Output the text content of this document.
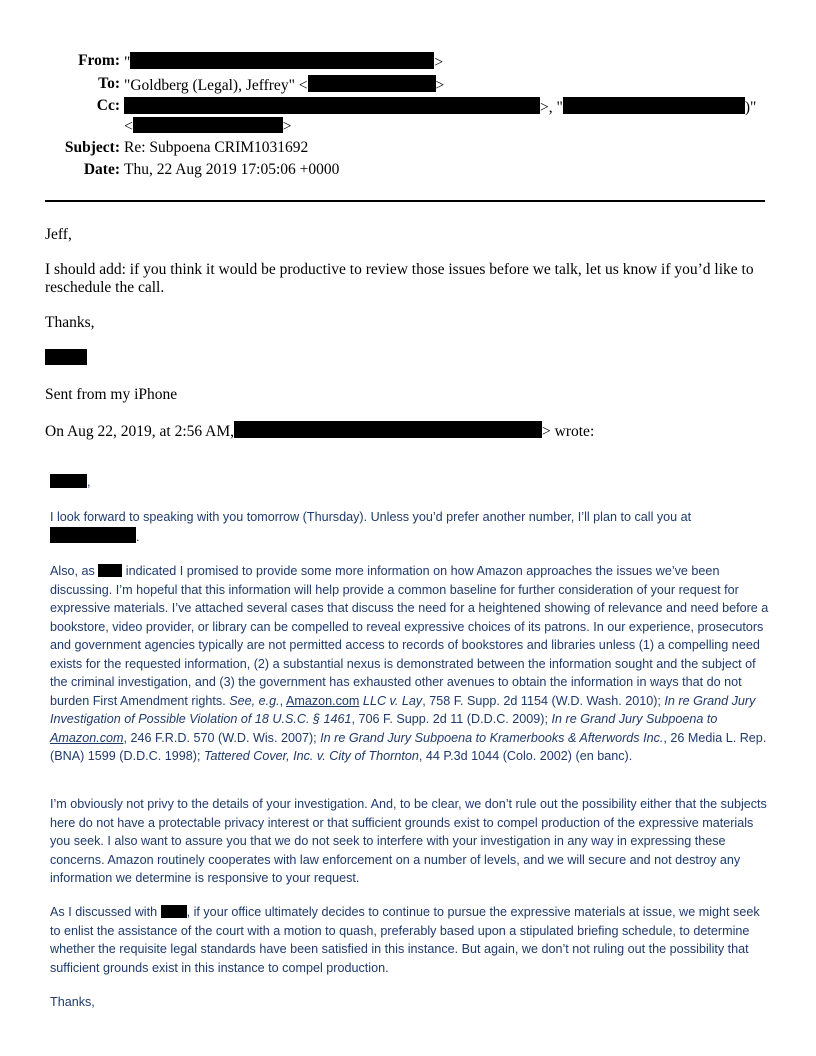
From: "	>
To: "Goldberg (Legal), Jeffrey" <	>
Cc:	>, "	)"
<	>
Subject: Re: Subpoena CRIM1031692
Date: Thu, 22 Aug 2019 17:05:06 +0000
Jeff,
I should add: if you think it would be productive to review those issues before we talk, let us know if you’d like to reschedule the call.
Thanks,
Sent from my iPhone
On Aug 22, 2019, at 2:56 AM,	> wrote:
,
I look forward to speaking with you tomorrow (Thursday). Unless you’d prefer another number, I’ll plan to call you at
.
Also, as  indicated I promised to provide some more information on how Amazon approaches the issues we’ve been discussing. I’m hopeful that this information will help provide a common baseline for further consideration of your request for expressive materials. I’ve attached several cases that discuss the need for a heightened showing of relevance and need before a bookstore, video provider, or library can be compelled to reveal expressive choices of its patrons. In our experience, prosecutors and government agencies typically are not permitted access to records of bookstores and libraries unless (1) a compelling need exists for the requested information, (2) a substantial nexus is demonstrated between the information sought and the subject of the criminal investigation, and (3) the government has exhausted other avenues to obtain the information in ways that do not burden First Amendment rights. See, e.g., Amazon.com LLC v. Lay, 758 F. Supp. 2d 1154 (W.D. Wash. 2010); In re Grand Jury Investigation of Possible Violation of 18 U.S.C. § 1461, 706 F. Supp. 2d 11 (D.D.C. 2009); In re Grand Jury Subpoena to Amazon.com, 246 F.R.D. 570 (W.D. Wis. 2007); In re Grand Jury Subpoena to Kramerbooks & Afterwords Inc., 26 Media L. Rep. (BNA) 1599 (D.D.C. 1998); Tattered Cover, Inc. v. City of Thornton, 44 P.3d 1044 (Colo. 2002) (en banc).
I’m obviously not privy to the details of your investigation. And, to be clear, we don’t rule out the possibility either that the subjects here do not have a protectable privacy interest or that sufficient grounds exist to compel production of the expressive materials you seek. I also want to assure you that we do not seek to interfere with your investigation in any way in expressing these concerns. Amazon routinely cooperates with law enforcement on a number of levels, and we will secure and not destroy any information we determine is responsive to your request.
As I discussed with , if your office ultimately decides to continue to pursue the expressive materials at issue, we might seek to enlist the assistance of the court with a motion to quash, preferably based upon a stipulated briefing schedule, to determine whether the requisite legal standards have been satisfied in this instance. But again, we don’t not ruling out the possibility that sufficient grounds exist in this instance to compel production.
Thanks,
